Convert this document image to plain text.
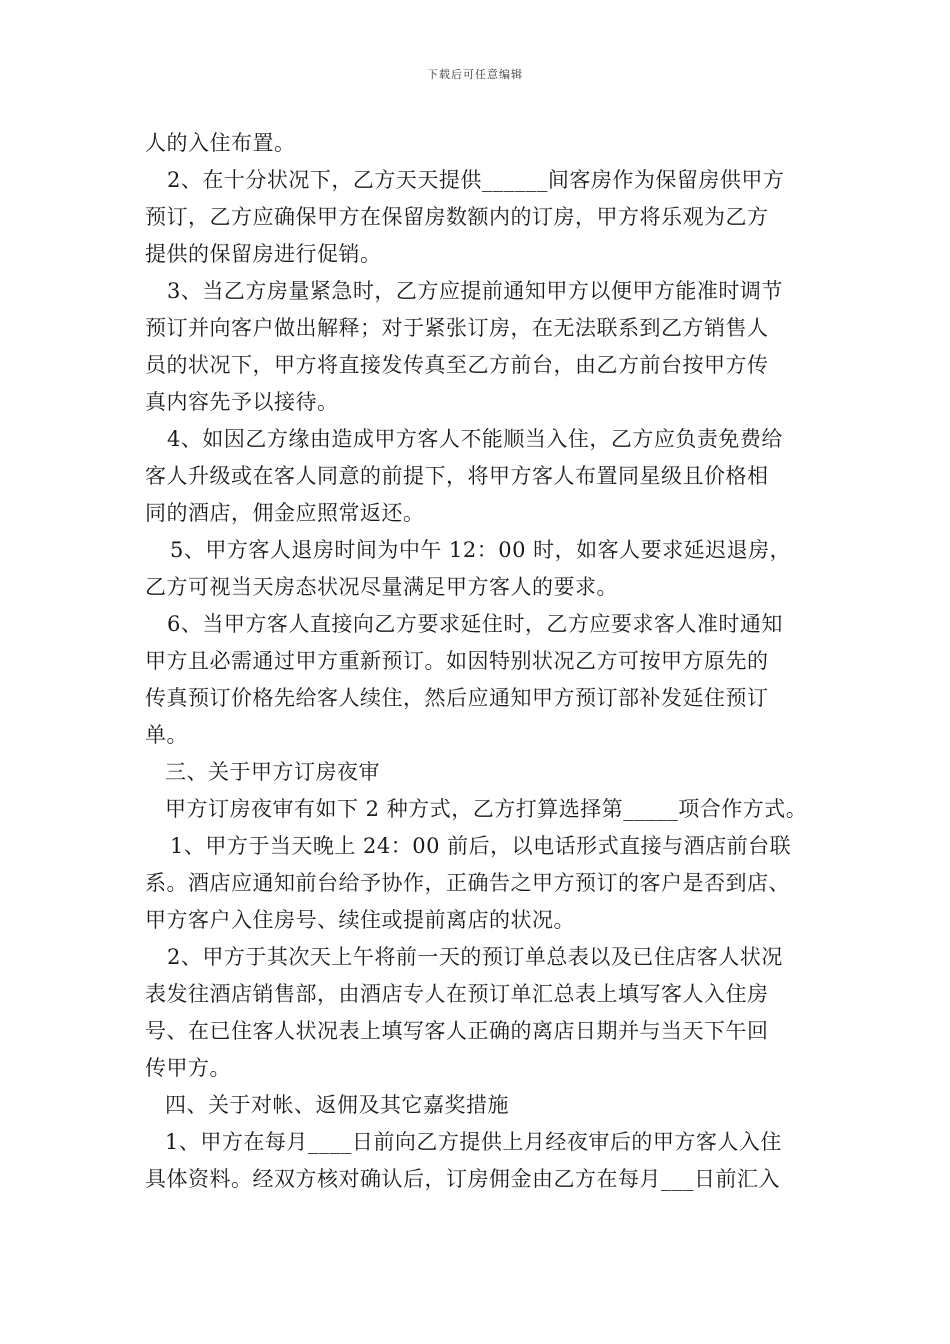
下载后可任意编辑
人的入住布置。
2、在十分状况下，乙方天天提供______间客房作为保留房供甲方
预订，乙方应确保甲方在保留房数额内的订房，甲方将乐观为乙方
提供的保留房进行促销。
3、当乙方房量紧急时，乙方应提前通知甲方以便甲方能准时调节
预订并向客户做出解释；对于紧张订房，在无法联系到乙方销售人
员的状况下，甲方将直接发传真至乙方前台，由乙方前台按甲方传
真内容先予以接待。
4、如因乙方缘由造成甲方客人不能顺当入住，乙方应负责免费给
客人升级或在客人同意的前提下，将甲方客人布置同星级且价格相
同的酒店，佣金应照常返还。
5、甲方客人退房时间为中午 12：00 时，如客人要求延迟退房，
乙方可视当天房态状况尽量满足甲方客人的要求。
6、当甲方客人直接向乙方要求延住时，乙方应要求客人准时通知
甲方且必需通过甲方重新预订。如因特别状况乙方可按甲方原先的
传真预订价格先给客人续住，然后应通知甲方预订部补发延住预订
单。
三、关于甲方订房夜审
甲方订房夜审有如下 2 种方式，乙方打算选择第_____项合作方式。
1、甲方于当天晚上 24：00 前后，以电话形式直接与酒店前台联
系。酒店应通知前台给予协作，正确告之甲方预订的客户是否到店、
甲方客户入住房号、续住或提前离店的状况。
2、甲方于其次天上午将前一天的预订单总表以及已住店客人状况
表发往酒店销售部，由酒店专人在预订单汇总表上填写客人入住房
号、在已住客人状况表上填写客人正确的离店日期并与当天下午回
传甲方。
四、关于对帐、返佣及其它嘉奖措施
1、甲方在每月____日前向乙方提供上月经夜审后的甲方客人入住
具体资料。经双方核对确认后，订房佣金由乙方在每月___日前汇入
